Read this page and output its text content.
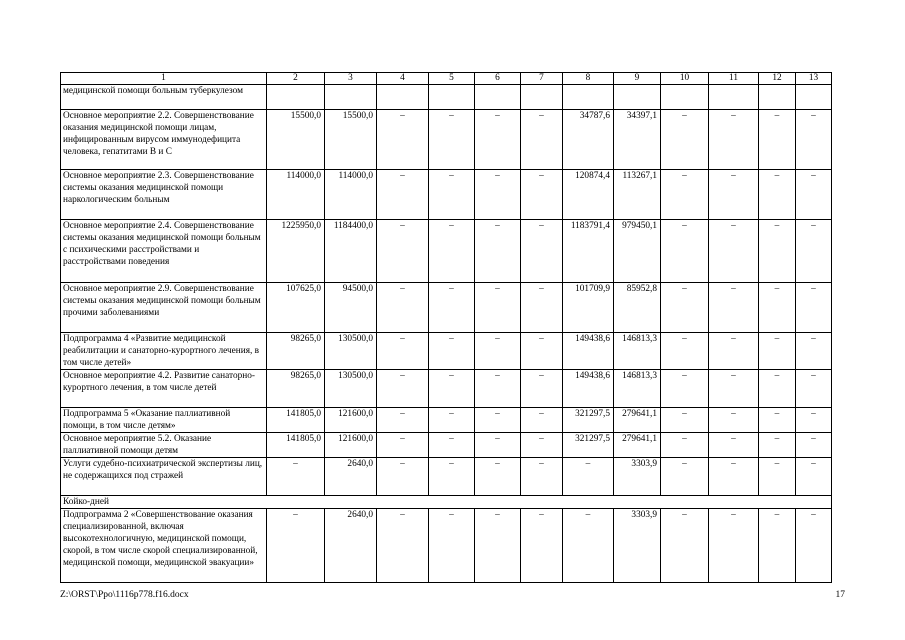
1	2	3	4	5	6	7	8	9	10	11	12	13
медицинской помощи больным туберкулезом												
Основное мероприятие 2.2. Совершенствование оказания медицинской помощи лицам, инфицированным вирусом иммунодефицита человека, гепатитами B и C	15500,0	15500,0	–	–	–	–	34787,6	34397,1	–	–	–	–
Основное мероприятие 2.3. Совершенствование системы оказания медицинской помощи наркологическим больным	114000,0	114000,0	–	–	–	–	120874,4	113267,1	–	–	–	–
Основное мероприятие 2.4. Совершенствование системы оказания медицинской помощи больным с психическими расстройствами и расстройствами поведения	1225950,0	1184400,0	–	–	–	–	1183791,4	979450,1	–	–	–	–
Основное мероприятие 2.9. Совершенствование системы оказания медицинской помощи больным прочими заболеваниями	107625,0	94500,0	–	–	–	–	101709,9	85952,8	–	–	–	–
Подпрограмма 4 «Развитие медицинской реабилитации и санаторно-курортного лечения, в том числе детей»	98265,0	130500,0	–	–	–	–	149438,6	146813,3	–	–	–	–
Основное мероприятие 4.2. Развитие санаторно-курортного лечения, в том числе детей	98265,0	130500,0	–	–	–	–	149438,6	146813,3	–	–	–	–
Подпрограмма 5 «Оказание паллиативной помощи, в том числе детям»	141805,0	121600,0	–	–	–	–	321297,5	279641,1	–	–	–	–
Основное мероприятие 5.2. Оказание паллиативной помощи детям	141805,0	121600,0	–	–	–	–	321297,5	279641,1	–	–	–	–
Услуги судебно-психиатрической экспертизы лиц, не содержащихся под стражей	–	2640,0	–	–	–	–	–	3303,9	–	–	–	–
Койко-дней												
Подпрограмма 2 «Совершенствование оказания специализированной, включая высокотехнологичную, медицинской помощи, скорой, в том числе скорой специализированной, медицинской помощи, медицинской эвакуации»	–	2640,0	–	–	–	–	–	3303,9	–	–	–	–
Z:\ORST\Ppo\1116p778.f16.docx	17
